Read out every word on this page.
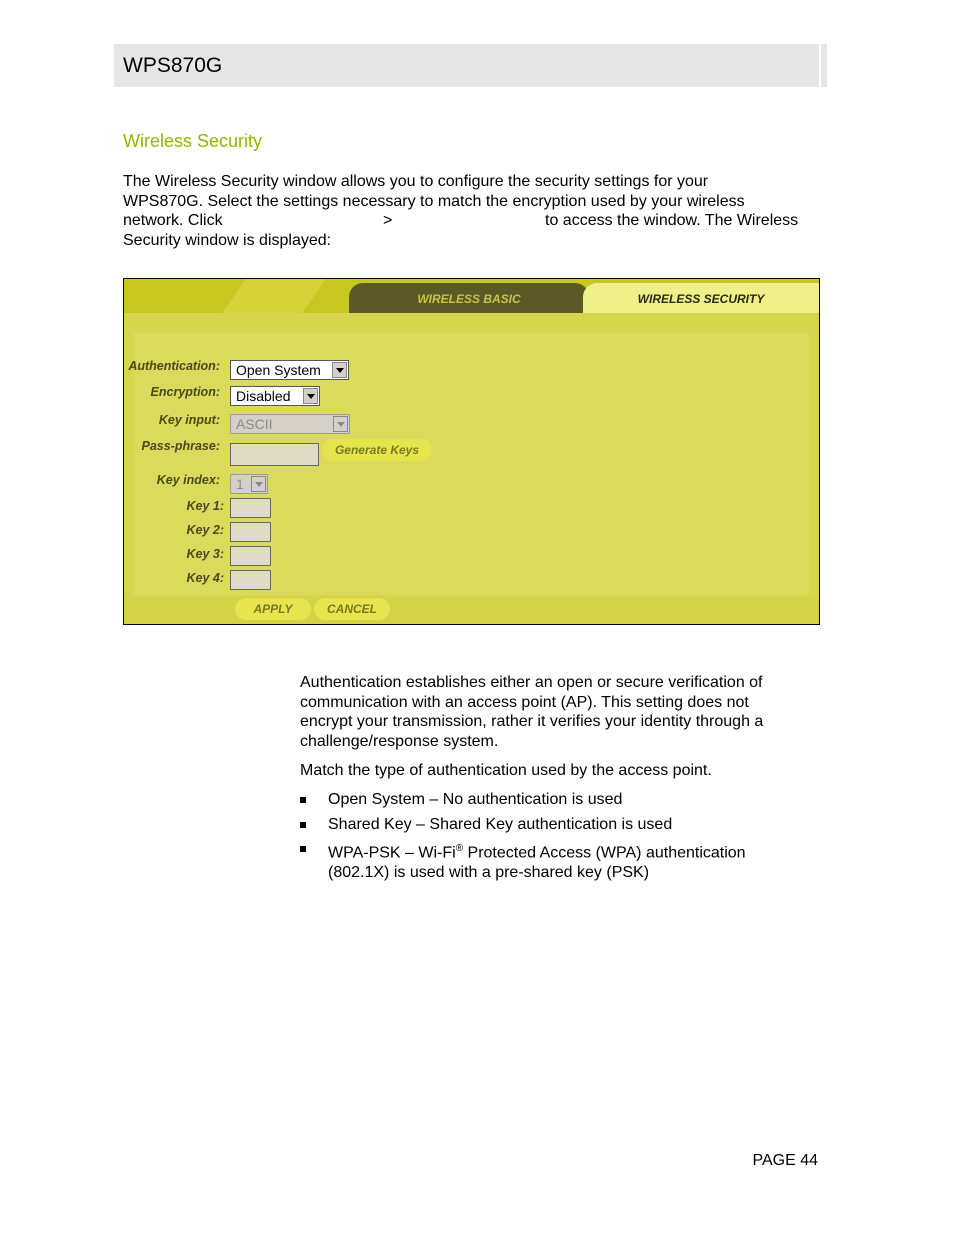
WPS870G
Wireless Security
The Wireless Security window allows you to configure the security settings for your
WPS870G. Select the settings necessary to match the encryption used by your wireless

network. Click

	>

	to access the window. The Wireless

Security window is displayed:
WIRELESS BASIC	WIRELESS SECURITY
Authentication:	Open System
Encryption:	Disabled
Key input:	ASCII
Pass-phrase:	Generate Keys
Key index:	1
Key 1:
Key 2:
Key 3:
Key 4:
APPLY	CANCEL
Authentication establishes either an open or secure verification of
communication with an access point (AP). This setting does not
encrypt your transmission, rather it verifies your identity through a
challenge/response system.
Match the type of authentication used by the access point.
Open System – No authentication is used
Shared Key – Shared Key authentication is used
WPA-PSK – Wi-Fi® Protected Access (WPA) authentication
(802.1X) is used with a pre-shared key (PSK)
PAGE 44
